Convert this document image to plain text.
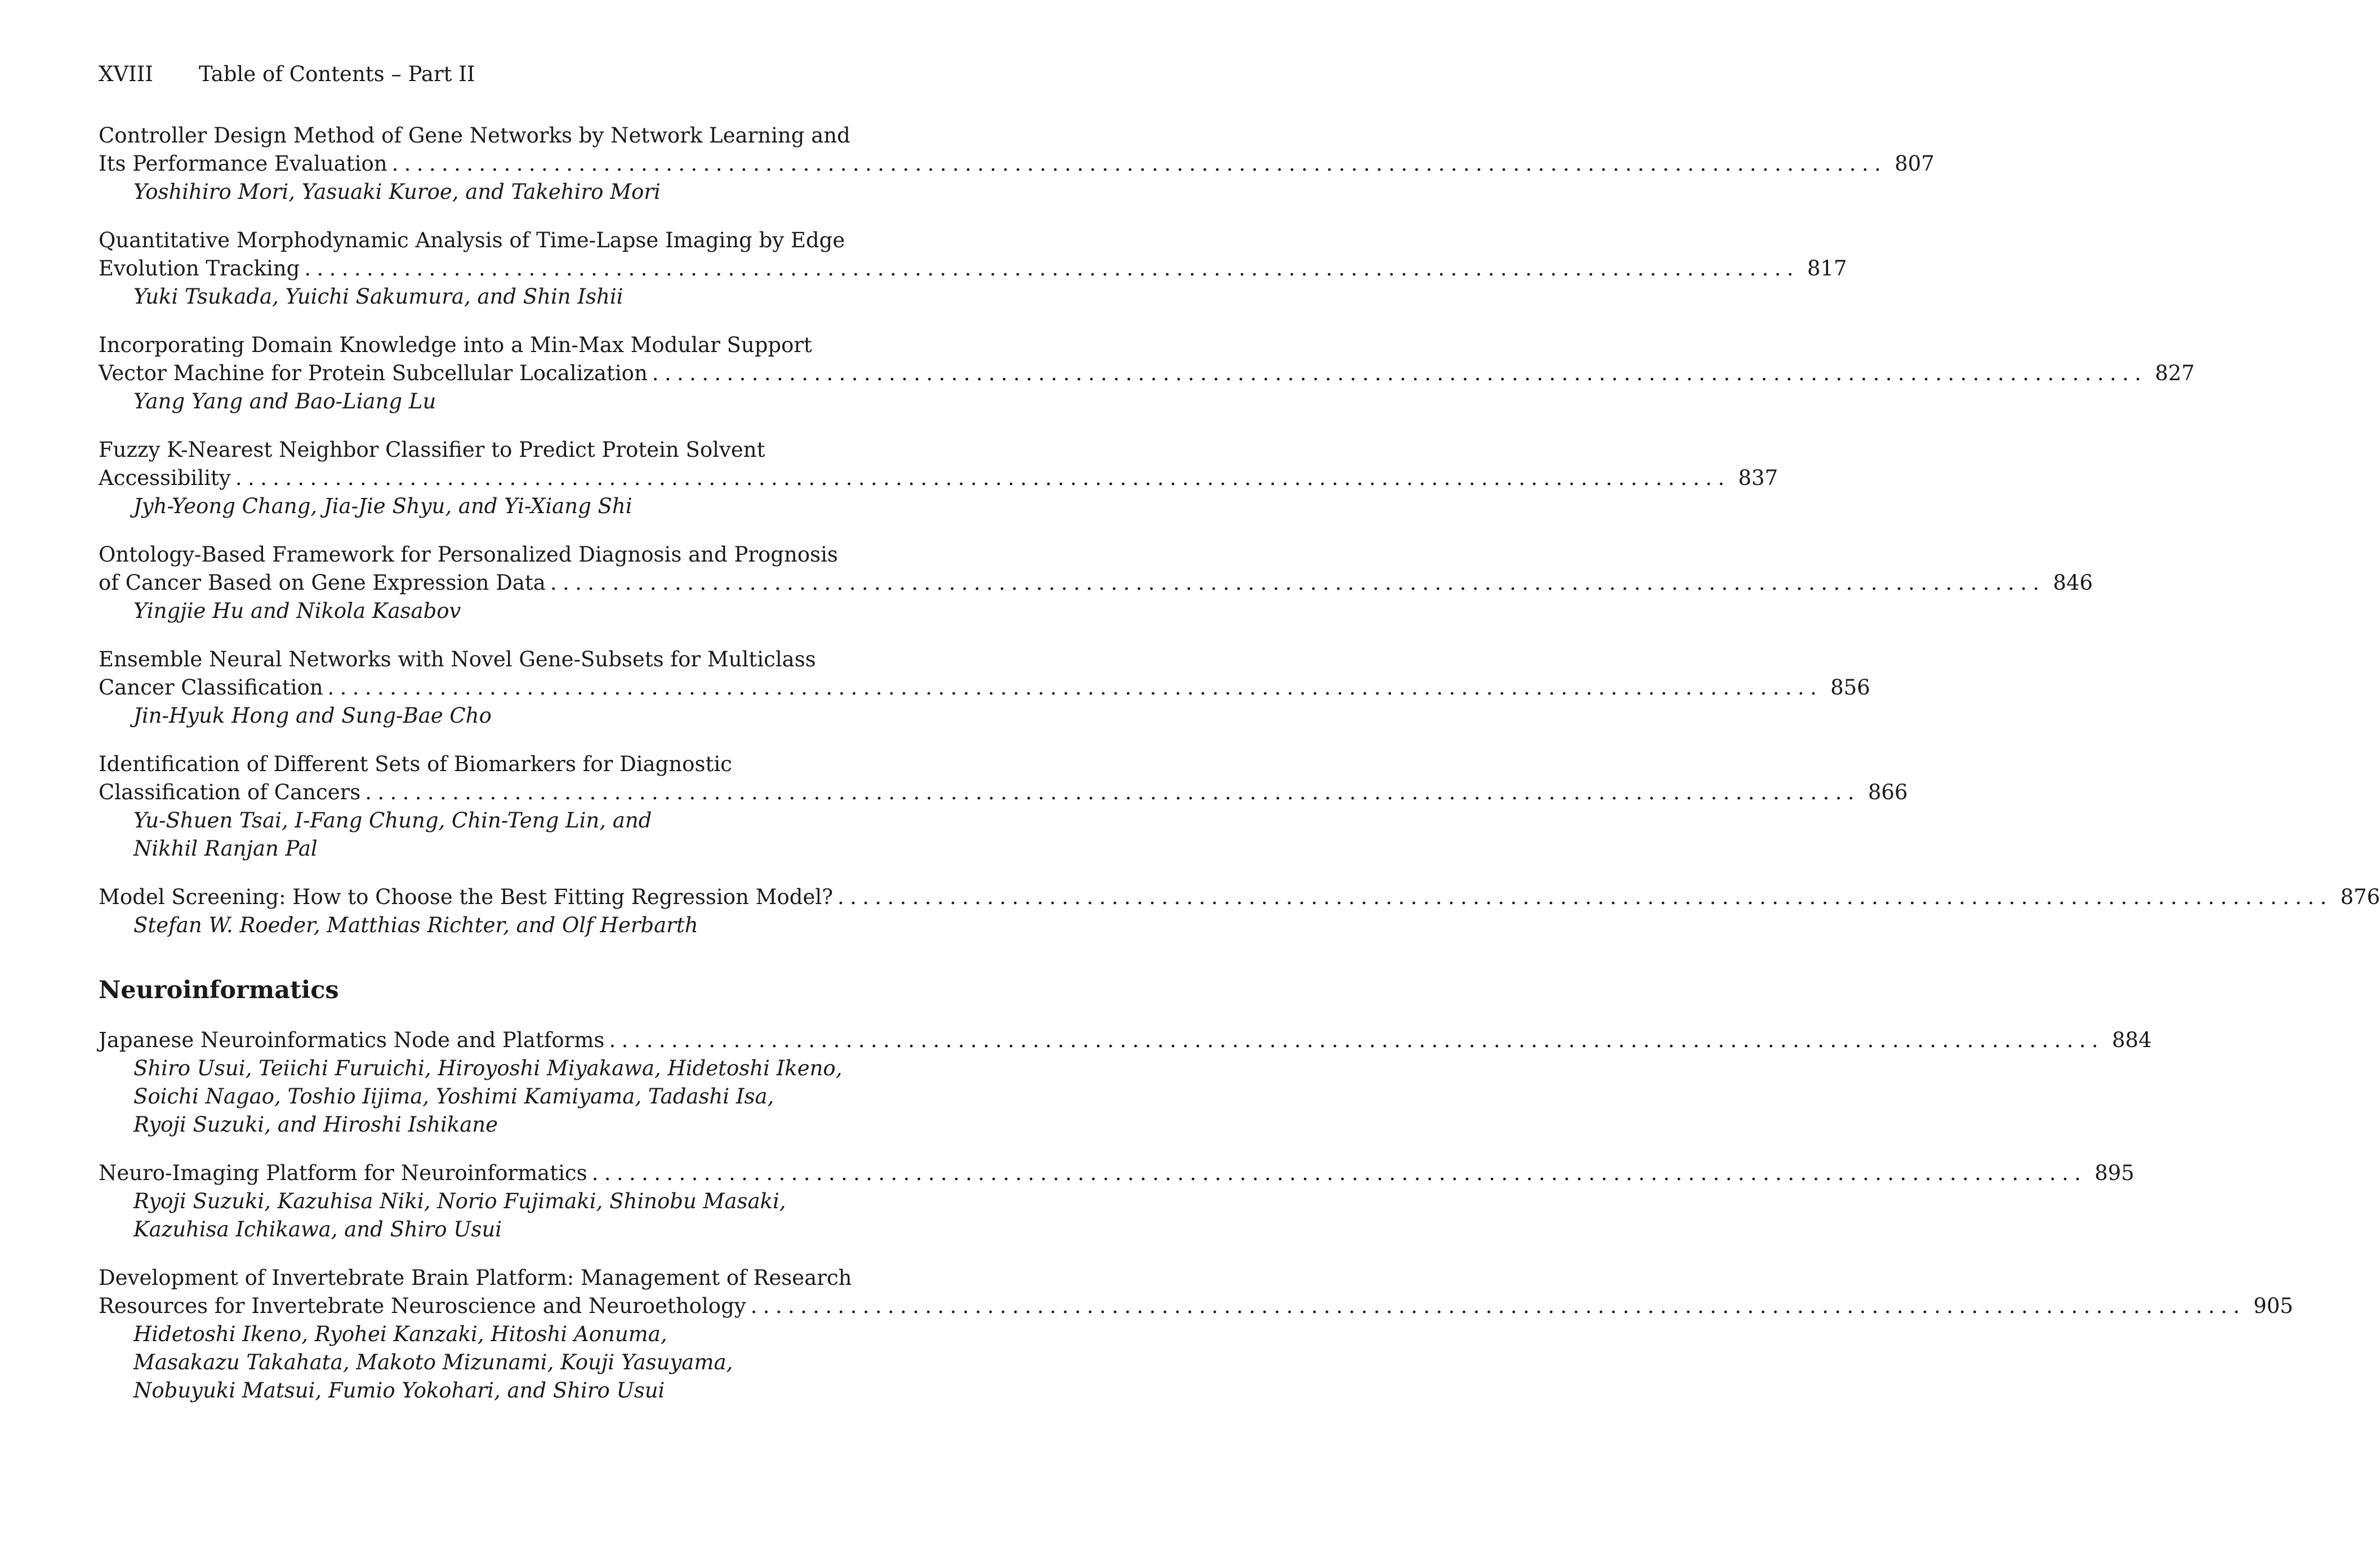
XVIII Table of Contents – Part II
Controller Design Method of Gene Networks by Network Learning and
Its Performance Evaluation ........................................................................................................................ 807
Yoshihiro Mori, Yasuaki Kuroe, and Takehiro Mori
Quantitative Morphodynamic Analysis of Time-Lapse Imaging by Edge
Evolution Tracking ........................................................................................................................ 817
Yuki Tsukada, Yuichi Sakumura, and Shin Ishii
Incorporating Domain Knowledge into a Min-Max Modular Support
Vector Machine for Protein Subcellular Localization ........................................................................................................................ 827
Yang Yang and Bao-Liang Lu
Fuzzy K-Nearest Neighbor Classifier to Predict Protein Solvent
Accessibility ........................................................................................................................ 837
Jyh-Yeong Chang, Jia-Jie Shyu, and Yi-Xiang Shi
Ontology-Based Framework for Personalized Diagnosis and Prognosis
of Cancer Based on Gene Expression Data ........................................................................................................................ 846
Yingjie Hu and Nikola Kasabov
Ensemble Neural Networks with Novel Gene-Subsets for Multiclass
Cancer Classification ........................................................................................................................ 856
Jin-Hyuk Hong and Sung-Bae Cho
Identification of Different Sets of Biomarkers for Diagnostic
Classification of Cancers ........................................................................................................................ 866
Yu-Shuen Tsai, I-Fang Chung, Chin-Teng Lin, and
Nikhil Ranjan Pal
Model Screening: How to Choose the Best Fitting Regression Model? ........................................................................................................................ 876
Stefan W. Roeder, Matthias Richter, and Olf Herbarth
Neuroinformatics
Japanese Neuroinformatics Node and Platforms ........................................................................................................................ 884
Shiro Usui, Teiichi Furuichi, Hiroyoshi Miyakawa, Hidetoshi Ikeno,
Soichi Nagao, Toshio Iijima, Yoshimi Kamiyama, Tadashi Isa,
Ryoji Suzuki, and Hiroshi Ishikane
Neuro-Imaging Platform for Neuroinformatics ........................................................................................................................ 895
Ryoji Suzuki, Kazuhisa Niki, Norio Fujimaki, Shinobu Masaki,
Kazuhisa Ichikawa, and Shiro Usui
Development of Invertebrate Brain Platform: Management of Research
Resources for Invertebrate Neuroscience and Neuroethology ........................................................................................................................ 905
Hidetoshi Ikeno, Ryohei Kanzaki, Hitoshi Aonuma,
Masakazu Takahata, Makoto Mizunami, Kouji Yasuyama,
Nobuyuki Matsui, Fumio Yokohari, and Shiro Usui
